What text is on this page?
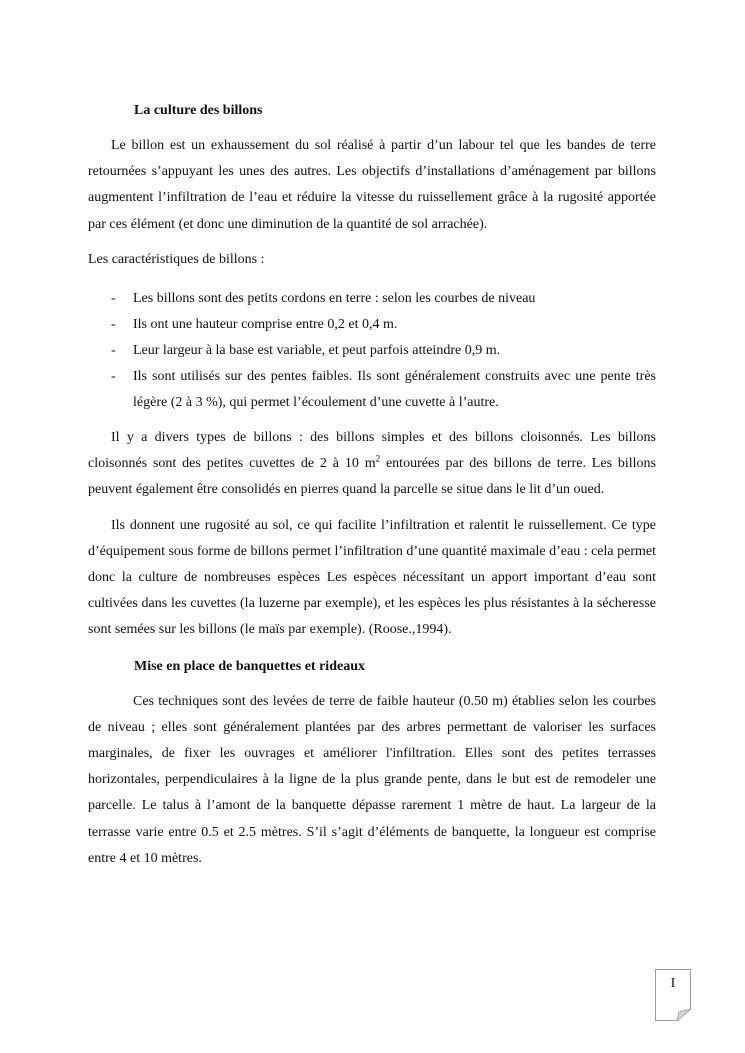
La culture des billons

Le billon est un exhaussement du sol réalisé à partir d’un labour tel que les bandes de terre retournées s’appuyant les unes des autres. Les objectifs d’installations d’aménagement par billons augmentent l’infiltration de l’eau et réduire la vitesse du ruissellement grâce à la rugosité apportée par ces élément (et donc une diminution de la quantité de sol arrachée).

Les caractéristiques de billons :

- Les billons sont des petits cordons en terre : selon les courbes de niveau
- Ils ont une hauteur comprise entre 0,2 et 0,4 m.
- Leur largeur à la base est variable, et peut parfois atteindre 0,9 m.
- Ils sont utilisés sur des pentes faibles. Ils sont généralement construits avec une pente très légère (2 à 3 %), qui permet l’écoulement d’une cuvette à l’autre.

Il y a divers types de billons : des billons simples et des billons cloisonnés. Les billons cloisonnés sont des petites cuvettes de 2 à 10 $m^2$ entourées par des billons de terre. Les billons peuvent également être consolidés en pierres quand la parcelle se situe dans le lit d’un oued.

Ils donnent une rugosité au sol, ce qui facilite l’infiltration et ralentit le ruissellement. Ce type d’équipement sous forme de billons permet l’infiltration d’une quantité maximale d’eau : cela permet donc la culture de nombreuses espèces Les espèces nécessitant un apport important d’eau sont cultivées dans les cuvettes (la luzerne par exemple), et les espèces les plus résistantes à la sécheresse sont semées sur les billons (le maïs par exemple). (Roose.,1994).

Mise en place de banquettes et rideaux

Ces techniques sont des levées de terre de faible hauteur (0.50 m) établies selon les courbes de niveau ; elles sont généralement plantées par des arbres permettant de valoriser les surfaces marginales, de fixer les ouvrages et améliorer l'infiltration. Elles sont des petites terrasses horizontales, perpendiculaires à la ligne de la plus grande pente, dans le but est de remodeler une parcelle. Le talus à l’amont de la banquette dépasse rarement 1 mètre de haut. La largeur de la terrasse varie entre 0.5 et 2.5 mètres. S’il s’agit d’éléments de banquette, la longueur est comprise entre 4 et 10 mètres.

I
